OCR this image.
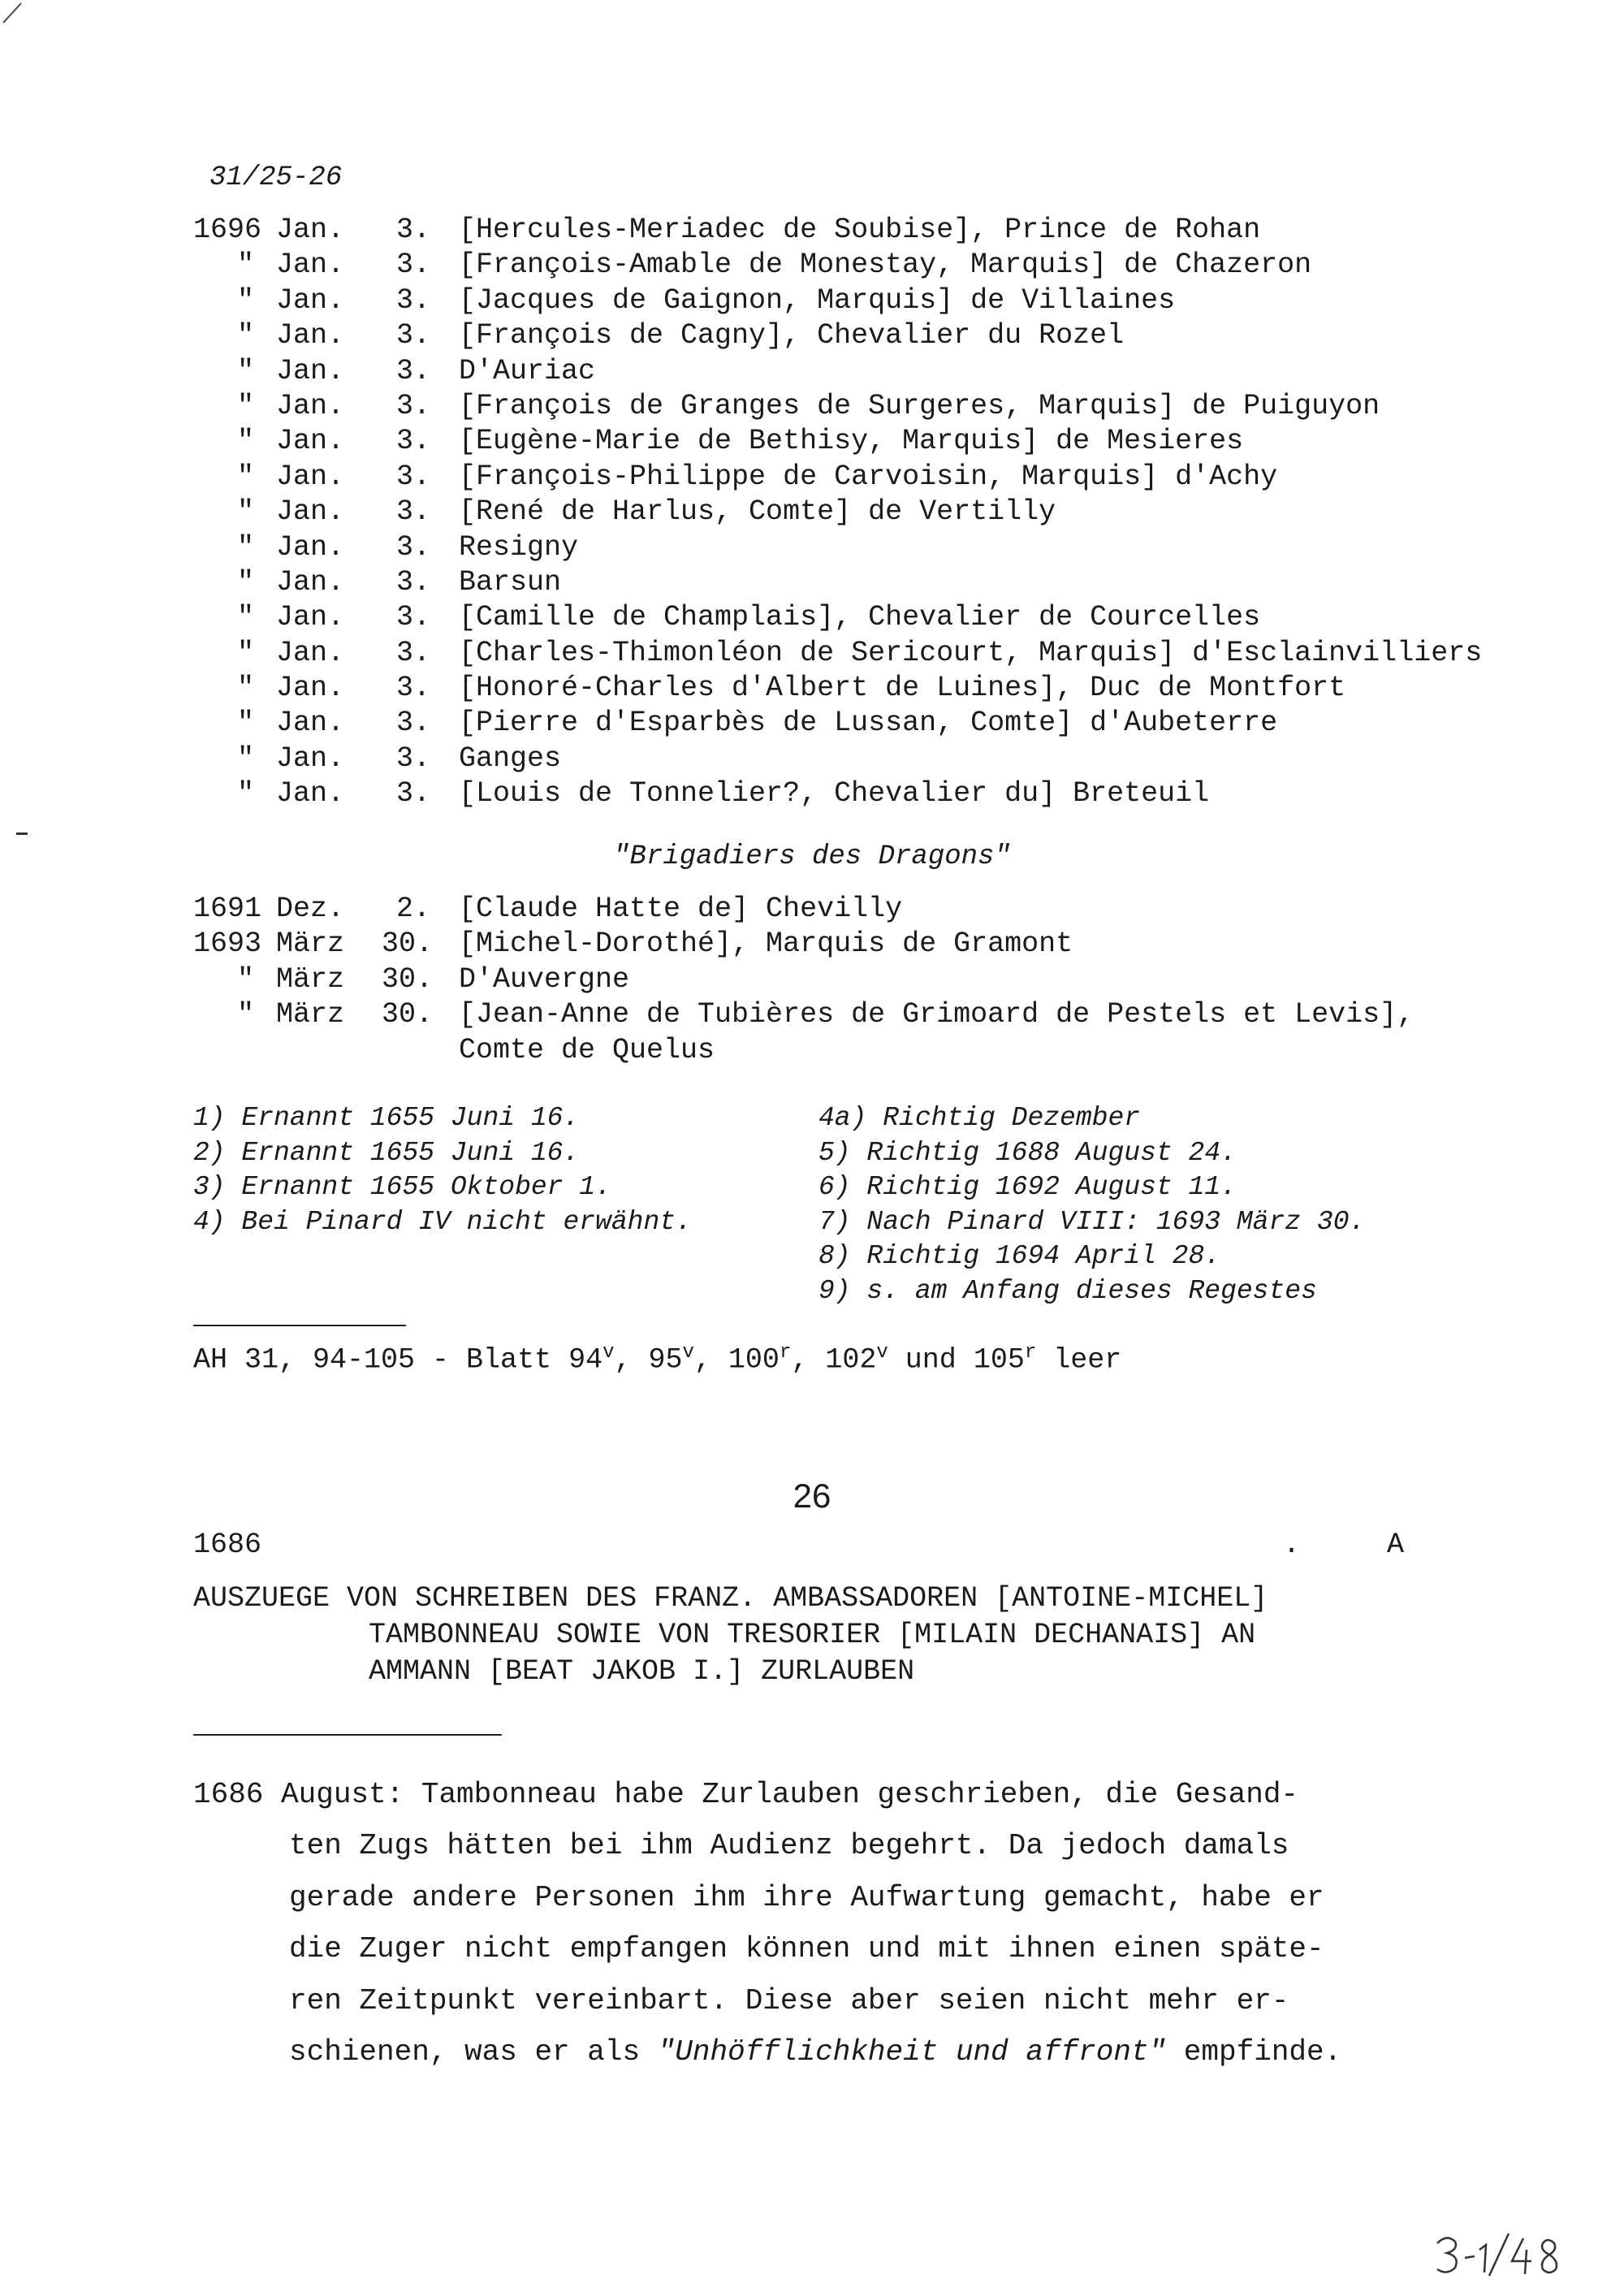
31/25-26
1696 Jan.	3. [Hercules-Meriadec de Soubise], Prince de Rohan
" Jan.	3. [François-Amable de Monestay, Marquis] de Chazeron
" Jan.	3. [Jacques de Gaignon, Marquis] de Villaines
" Jan.	3. [François de Cagny], Chevalier du Rozel
" Jan.	3. D'Auriac
" Jan.	3. [François de Granges de Surgeres, Marquis] de Puiguyon
" Jan.	3. [Eugène-Marie de Bethisy, Marquis] de Mesieres
" Jan.	3. [François-Philippe de Carvoisin, Marquis] d'Achy
" Jan.	3. [René de Harlus, Comte] de Vertilly
" Jan.	3. Resigny
" Jan.	3. Barsun
" Jan.	3. [Camille de Champlais], Chevalier de Courcelles
" Jan.	3. [Charles-Thimonléon de Sericourt, Marquis] d'Esclainvilliers
" Jan.	3. [Honoré-Charles d'Albert de Luines], Duc de Montfort
" Jan.	3. [Pierre d'Esparbès de Lussan, Comte] d'Aubeterre
" Jan.	3. Ganges
" Jan.	3. [Louis de Tonnelier?, Chevalier du] Breteuil
"Brigadiers des Dragons"
1691 Dez.	2. [Claude Hatte de] Chevilly
1693 März 30. [Michel-Dorothé], Marquis de Gramont
" März 30. D'Auvergne
" März 30. [Jean-Anne de Tubières de Grimoard de Pestels et Levis],
Comte de Quelus
1) Ernannt 1655 Juni 16.
2) Ernannt 1655 Juni 16.
3) Ernannt 1655 Oktober 1.
4) Bei Pinard IV nicht erwähnt.
4a) Richtig Dezember
5) Richtig 1688 August 24.
6) Richtig 1692 August 11.
7) Nach Pinard VIII: 1693 März 30.
8) Richtig 1694 April 28.
9) s. am Anfang dieses Regestes
AH 31, 94-105 - Blatt 94$^v$, 95$^v$, 100$^r$, 102$^v$ und 105$^r$ leer
26
1686	.	A
AUSZUEGE VON SCHREIBEN DES FRANZ. AMBASSADOREN [ANTOINE-MICHEL]
TAMBONNEAU SOWIE VON TRESORIER [MILAIN DECHANAIS] AN
AMMANN [BEAT JAKOB I.] ZURLAUBEN
1686 August: Tambonneau habe Zurlauben geschrieben, die Gesand-
ten Zugs hätten bei ihm Audienz begehrt. Da jedoch damals
gerade andere Personen ihm ihre Aufwartung gemacht, habe er
die Zuger nicht empfangen können und mit ihnen einen späte-
ren Zeitpunkt vereinbart. Diese aber seien nicht mehr er-
schienen, was er als "Unhöfflichkheit und affront" empfinde.
